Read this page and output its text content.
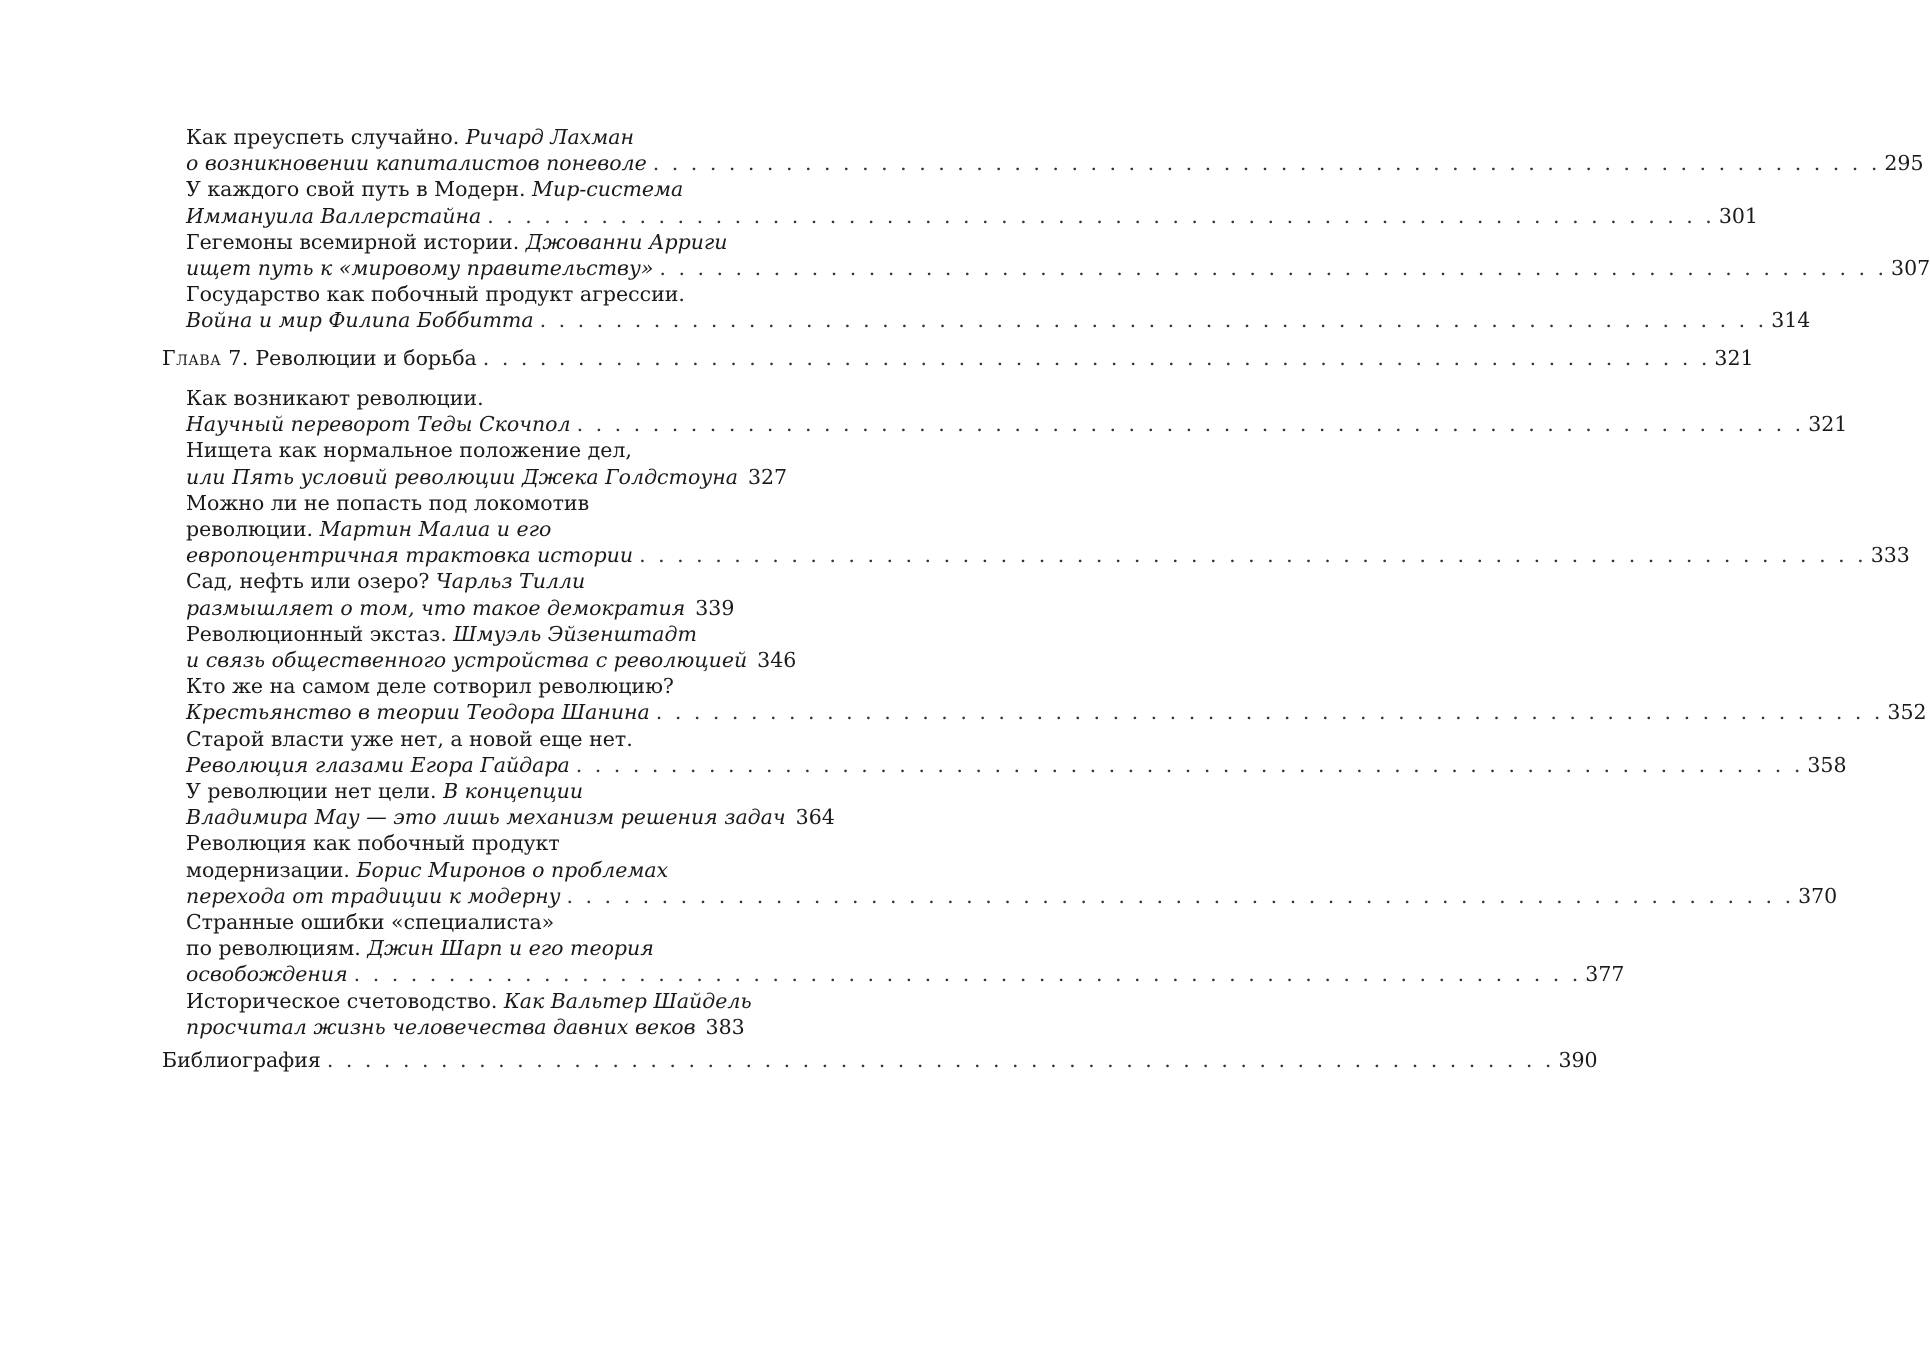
Как преуспеть случайно. Ричард Лахман
о возникновении капиталистов поневоле . . . . . . . . . . . . . . . . . . . . . . . . . . . . . . . . . . . . . . . . . . . . . . . . . . . . . . . . . . . . . . . . . 295
У каждого свой путь в Модерн. Мир-система
Иммануила Валлерстайна . . . . . . . . . . . . . . . . . . . . . . . . . . . . . . . . . . . . . . . . . . . . . . . . . . . . . . . . . . . . . . . . . 301
Гегемоны всемирной истории. Джованни Арриги
ищет путь к «мировому правительству» . . . . . . . . . . . . . . . . . . . . . . . . . . . . . . . . . . . . . . . . . . . . . . . . . . . . . . . . . . . . . . . . . 307
Государство как побочный продукт агрессии.
Война и мир Филипа Боббитта . . . . . . . . . . . . . . . . . . . . . . . . . . . . . . . . . . . . . . . . . . . . . . . . . . . . . . . . . . . . . . . . . 314
Глава 7.
Революции и борьба . . . . . . . . . . . . . . . . . . . . . . . . . . . . . . . . . . . . . . . . . . . . . . . . . . . . . . . . . . . . . . . . . 321
Как возникают революции.
Научный переворот Теды Скочпол . . . . . . . . . . . . . . . . . . . . . . . . . . . . . . . . . . . . . . . . . . . . . . . . . . . . . . . . . . . . . . . . . 321
Нищета как нормальное положение дел,
или Пять условий революции Джека Голдстоуна 327
Можно ли не попасть под локомотив
революции. Мартин Малиа и его
европоцентричная трактовка истории . . . . . . . . . . . . . . . . . . . . . . . . . . . . . . . . . . . . . . . . . . . . . . . . . . . . . . . . . . . . . . . . . 333
Сад, нефть или озеро? Чарльз Тилли
размышляет о том, что такое демократия 339
Революционный экстаз. Шмуэль Эйзенштадт
и связь общественного устройства с революцией 346
Кто же на самом деле сотворил революцию?
Крестьянство в теории Теодора Шанина . . . . . . . . . . . . . . . . . . . . . . . . . . . . . . . . . . . . . . . . . . . . . . . . . . . . . . . . . . . . . . . . . 352
Старой власти уже нет, а новой еще нет.
Революция глазами Егора Гайдара . . . . . . . . . . . . . . . . . . . . . . . . . . . . . . . . . . . . . . . . . . . . . . . . . . . . . . . . . . . . . . . . . 358
У революции нет цели. В концепции
Владимира Мау — это лишь механизм решения задач 364
Революция как побочный продукт
модернизации. Борис Миронов о проблемах
перехода от традиции к модерну . . . . . . . . . . . . . . . . . . . . . . . . . . . . . . . . . . . . . . . . . . . . . . . . . . . . . . . . . . . . . . . . . 370
Странные ошибки «специалиста»
по революциям. Джин Шарп и его теория
освобождения . . . . . . . . . . . . . . . . . . . . . . . . . . . . . . . . . . . . . . . . . . . . . . . . . . . . . . . . . . . . . . . . . 377
Историческое счетоводство. Как Вальтер Шайдель
просчитал жизнь человечества давних веков 383
Библиография . . . . . . . . . . . . . . . . . . . . . . . . . . . . . . . . . . . . . . . . . . . . . . . . . . . . . . . . . . . . . . . . . 390
